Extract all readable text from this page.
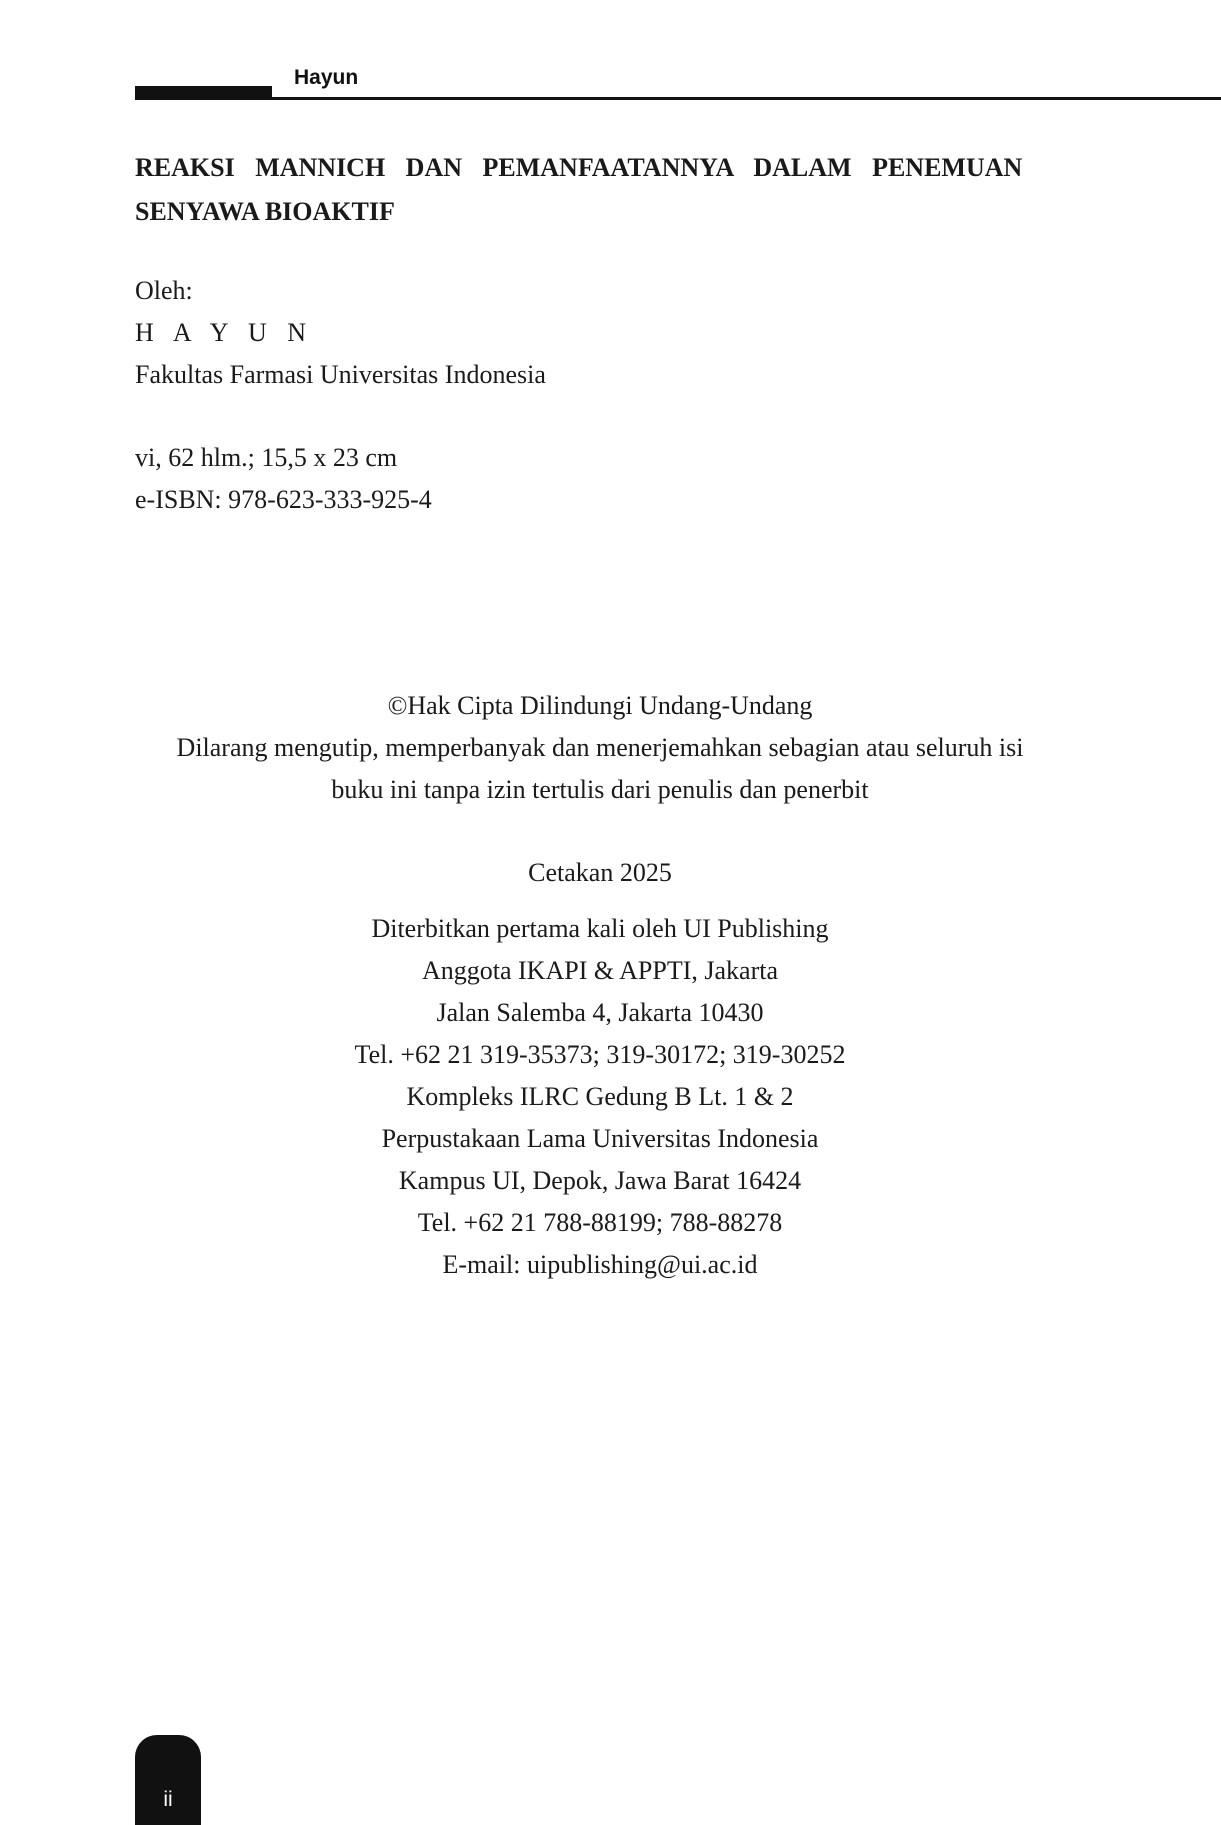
Hayun
REAKSI MANNICH DAN PEMANFAATANNYA DALAM PENEMUAN
SENYAWA BIOAKTIF
Oleh:
H A Y U N
Fakultas Farmasi Universitas Indonesia
vi, 62 hlm.; 15,5 x 23 cm
e-ISBN: 978-623-333-925-4
©Hak Cipta Dilindungi Undang-Undang
Dilarang mengutip, memperbanyak dan menerjemahkan sebagian atau seluruh isi
buku ini tanpa izin tertulis dari penulis dan penerbit
Cetakan 2025
Diterbitkan pertama kali oleh UI Publishing
Anggota IKAPI & APPTI, Jakarta
Jalan Salemba 4, Jakarta 10430
Tel. +62 21 319-35373; 319-30172; 319-30252
Kompleks ILRC Gedung B Lt. 1 & 2
Perpustakaan Lama Universitas Indonesia
Kampus UI, Depok, Jawa Barat 16424
Tel. +62 21 788-88199; 788-88278
E-mail: uipublishing@ui.ac.id
ii
